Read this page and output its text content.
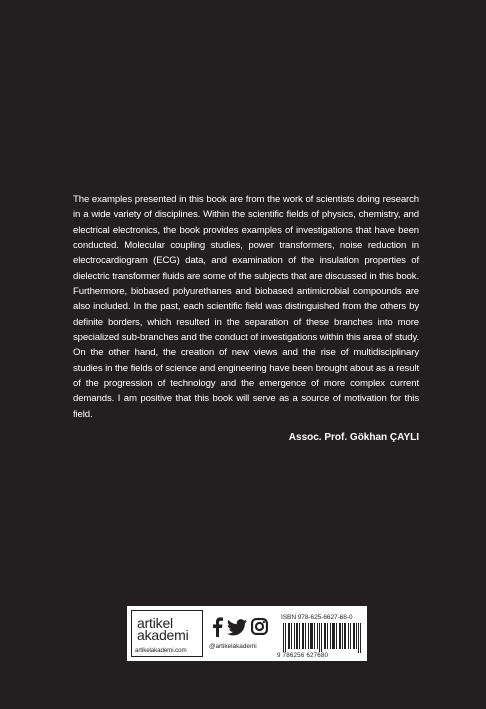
The examples presented in this book are from the work of scientists doing research in a wide variety of disciplines. Within the scientific fields of physics, chemistry, and electrical electronics, the book provides examples of investigations that have been conducted. Molecular coupling studies, power transformers, noise reduction in electrocardiogram (ECG) data, and examination of the insulation properties of dielectric transformer fluids are some of the subjects that are discussed in this book. Furthermore, biobased polyurethanes and biobased antimicrobial compounds are also included. In the past, each scientific field was distinguished from the others by definite borders, which resulted in the separation of these branches into more specialized sub-branches and the conduct of investigations within this area of study. On the other hand, the creation of new views and the rise of multidisciplinary studies in the fields of science and engineering have been brought about as a result of the progression of technology and the emergence of more complex current demands. I am positive that this book will serve as a source of motivation for this field.
Assoc. Prof. Gökhan ÇAYLI
artikel
akademi
artikelakademi.com
@artikelakademi
ISBN 978-625-6627-68-0
9 786256 627680
